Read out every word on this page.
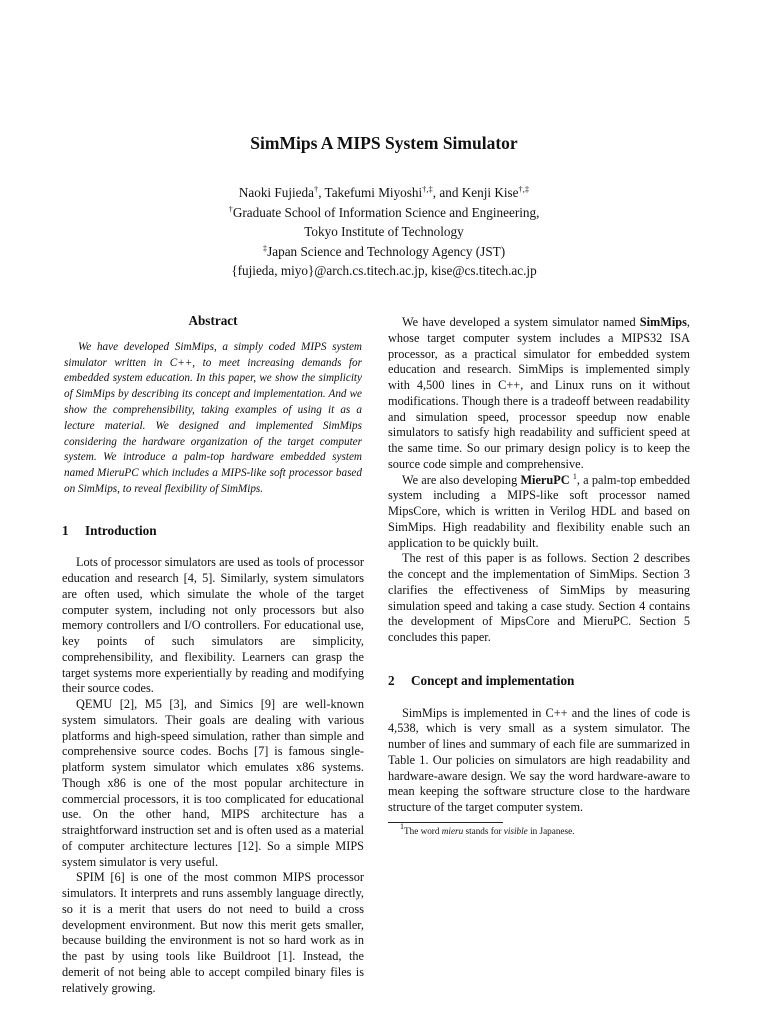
SimMips A MIPS System Simulator
Naoki Fujieda†, Takefumi Miyoshi†,‡, and Kenji Kise†,‡
†Graduate School of Information Science and Engineering,
Tokyo Institute of Technology
‡Japan Science and Technology Agency (JST)
{fujieda, miyo}@arch.cs.titech.ac.jp, kise@cs.titech.ac.jp
Abstract

We have developed SimMips, a simply coded MIPS system simulator written in C++, to meet increasing demands for embedded system education. In this paper, we show the simplicity of SimMips by describing its concept and implementation. And we show the comprehensibility, taking examples of using it as a lecture material. We designed and implemented SimMips considering the hardware organization of the target computer system. We introduce a palm-top hardware embedded system named MieruPC which includes a MIPS-like soft processor based on SimMips, to reveal flexibility of SimMips.

1 Introduction

Lots of processor simulators are used as tools of processor education and research [4, 5]. Similarly, system simulators are often used, which simulate the whole of the target computer system, including not only processors but also memory controllers and I/O controllers. For educational use, key points of such simulators are simplicity, comprehensibility, and flexibility. Learners can grasp the target systems more experientially by reading and modifying their source codes.

QEMU [2], M5 [3], and Simics [9] are well-known system simulators. Their goals are dealing with various platforms and high-speed simulation, rather than simple and comprehensive source codes. Bochs [7] is famous single-platform system simulator which emulates x86 systems. Though x86 is one of the most popular architecture in commercial processors, it is too complicated for educational use. On the other hand, MIPS architecture has a straightforward instruction set and is often used as a material of computer architecture lectures [12]. So a simple MIPS system simulator is very useful.

SPIM [6] is one of the most common MIPS processor simulators. It interprets and runs assembly language directly, so it is a merit that users do not need to build a cross development environment. But now this merit gets smaller, because building the environment is not so hard work as in the past by using tools like Buildroot [1]. Instead, the demerit of not being able to accept compiled binary files is relatively growing.

We have developed a system simulator named SimMips, whose target computer system includes a MIPS32 ISA processor, as a practical simulator for embedded system education and research. SimMips is implemented simply with 4,500 lines in C++, and Linux runs on it without modifications. Though there is a tradeoff between readability and simulation speed, processor speedup now enable simulators to satisfy high readability and sufficient speed at the same time. So our primary design policy is to keep the source code simple and comprehensive.

We are also developing MieruPC $^1$, a palm-top embedded system including a MIPS-like soft processor named MipsCore, which is written in Verilog HDL and based on SimMips. High readability and flexibility enable such an application to be quickly built.

The rest of this paper is as follows. Section 2 describes the concept and the implementation of SimMips. Section 3 clarifies the effectiveness of SimMips by measuring simulation speed and taking a case study. Section 4 contains the development of MipsCore and MieruPC. Section 5 concludes this paper.

2 Concept and implementation

SimMips is implemented in C++ and the lines of code is 4,538, which is very small as a system simulator. The number of lines and summary of each file are summarized in Table 1. Our policies on simulators are high readability and hardware-aware design. We say the word hardware-aware to mean keeping the software structure close to the hardware structure of the target computer system.

1The word mieru stands for visible in Japanese.
